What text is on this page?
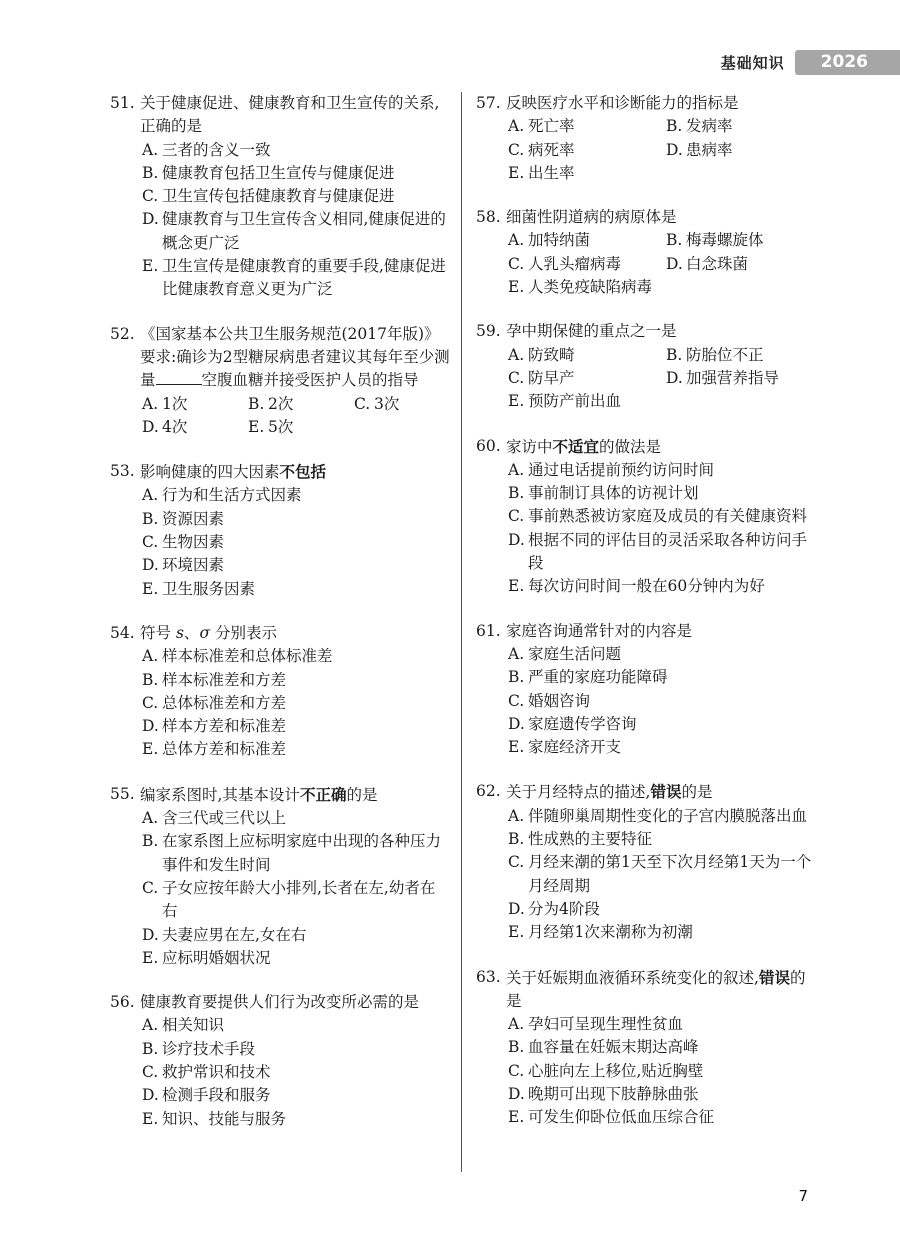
基础知识	2026
51. 关于健康促进、健康教育和卫生宣传的关系,正确的是
A. 三者的含义一致
B. 健康教育包括卫生宣传与健康促进
C. 卫生宣传包括健康教育与健康促进
D. 健康教育与卫生宣传含义相同,健康促进的概念更广泛
E. 卫生宣传是健康教育的重要手段,健康促进比健康教育意义更为广泛
52. 《国家基本公共卫生服务规范(2017年版)》要求:确诊为2型糖尿病患者建议其每年至少测量	空腹血糖并接受医护人员的指导
A. 1次	B. 2次	C. 3次
D. 4次	E. 5次
53. 影响健康的四大因素不包括
A. 行为和生活方式因素
B. 资源因素
C. 生物因素
D. 环境因素
E. 卫生服务因素
54. 符号 s、σ 分别表示
A. 样本标准差和总体标准差
B. 样本标准差和方差
C. 总体标准差和方差
D. 样本方差和标准差
E. 总体方差和标准差
55. 编家系图时,其基本设计不正确的是
A. 含三代或三代以上
B. 在家系图上应标明家庭中出现的各种压力事件和发生时间
C. 子女应按年龄大小排列,长者在左,幼者在右
D. 夫妻应男在左,女在右
E. 应标明婚姻状况
56. 健康教育要提供人们行为改变所必需的是
A. 相关知识
B. 诊疗技术手段
C. 救护常识和技术
D. 检测手段和服务
E. 知识、技能与服务
57. 反映医疗水平和诊断能力的指标是
A. 死亡率	B. 发病率
C. 病死率	D. 患病率
E. 出生率
58. 细菌性阴道病的病原体是
A. 加特纳菌	B. 梅毒螺旋体
C. 人乳头瘤病毒	D. 白念珠菌
E. 人类免疫缺陷病毒
59. 孕中期保健的重点之一是
A. 防致畸	B. 防胎位不正
C. 防早产	D. 加强营养指导
E. 预防产前出血
60. 家访中不适宜的做法是
A. 通过电话提前预约访问时间
B. 事前制订具体的访视计划
C. 事前熟悉被访家庭及成员的有关健康资料
D. 根据不同的评估目的灵活采取各种访问手段
E. 每次访问时间一般在60分钟内为好
61. 家庭咨询通常针对的内容是
A. 家庭生活问题
B. 严重的家庭功能障碍
C. 婚姻咨询
D. 家庭遗传学咨询
E. 家庭经济开支
62. 关于月经特点的描述,错误的是
A. 伴随卵巢周期性变化的子宫内膜脱落出血
B. 性成熟的主要特征
C. 月经来潮的第1天至下次月经第1天为一个月经周期
D. 分为4阶段
E. 月经第1次来潮称为初潮
63. 关于妊娠期血液循环系统变化的叙述,错误的是
A. 孕妇可呈现生理性贫血
B. 血容量在妊娠末期达高峰
C. 心脏向左上移位,贴近胸壁
D. 晚期可出现下肢静脉曲张
E. 可发生仰卧位低血压综合征
7
